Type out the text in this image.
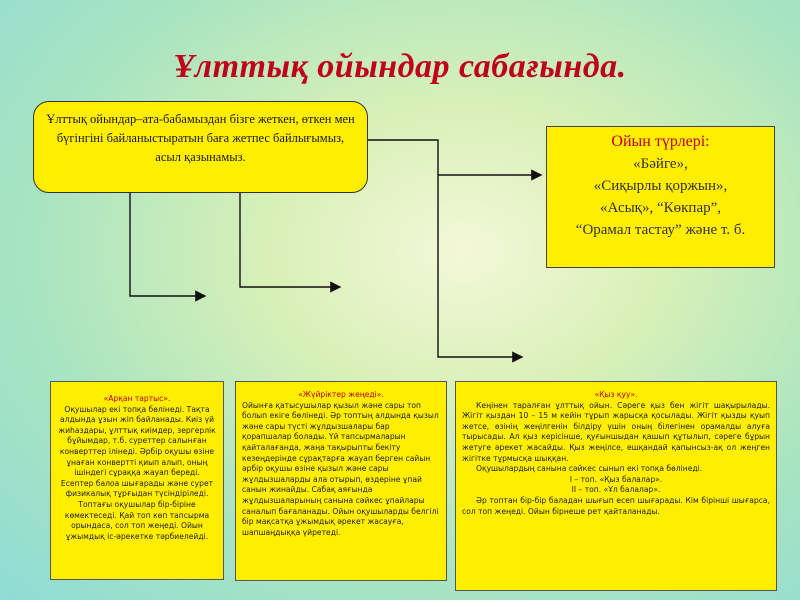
Ұлттық ойындар сабағында.
Ұлттық ойындар–ата-бабамыздан бізге жеткен, өткен мен бүгінгіні байланыстыратын баға жетпес байлығымыз, асыл қазынамыз.
Ойын түрлері:
«Бәйге»,
«Сиқырлы қоржын»,
«Асық», “Көкпар”,
“Орамал тастау” және т. б.
«Арқан тартыс».
Оқушылар екі топқа бөлінеді. Тақта алдында ұзын жіп байланады. Киіз үй жиһаздары, ұлттық киімдер, зергерлік бұйымдар, т.б. суреттер салынған конверттер ілінеді. Әрбір оқушы өзіне ұнаған конвертті қиып алып, оның ішіндегі сұраққа жауап береді. Есептер балоа шығарады және сурет физикалық тұрғыдан түсіндіріледі. Топтағы оқушылар бір-біріне көмектеседі. Қай топ көп тапсырма орындаса, сол топ жеңеді. Ойын ұжымдық іс-әрекетке тәрбиелейді.
«Жүйріктер жеңеді».
Ойынға қатысушылар қызыл және сары топ болып екіге бөлінеді. Әр топтың алдында қызыл және сары түсті жұлдызшалары бар қорапшалар болады. Үй тапсырмаларын қайталағанда, жаңа тақырыпты бекіту кезеңдерінде сұрақтарға жауап берген сайын әрбір оқушы өзіне қызыл және сары жұлдызшаларды ала отырып, өздеріне ұпай санын жинайды. Сабақ аяғында жұлдызшаларының санына сәйкес ұпайлары саналып бағаланады. Ойын оқушыларды белгілі бір мақсатқа ұжымдық әрекет жасауға, шапшаңдыққа үйретеді.
«Қыз қуу».
Кеңінен таралған ұлттық ойын. Сәреге қыз бен жігіт шақырылады. Жігіт қыздан 10 – 15 м кейін тұрып жарысқа қосылады. Жігіт қызды қуып жетсе, өзінің жеңілгенін білдіру үшін оның білегінен орамалды алуға тырысады. Ал қыз керісінше, қуғыншыдан қашып құтылып, сәреге бұрын жетуге әрекет жасайды. Қыз жеңілсе, ешқандай қапынсыз-ақ ол жеңген жігітке тұрмысқа шыққан.
Оқушылардың санына сәйкес сынып екі топқа бөлінеді.
I – топ. «Қыз балалар».
II – топ. «Ұл балалар».
Әр топтан бір-бір баладан шығып есеп шығарады. Кім бірінші шығарса, сол топ жеңеді. Ойын бірнеше рет қайталанады.
